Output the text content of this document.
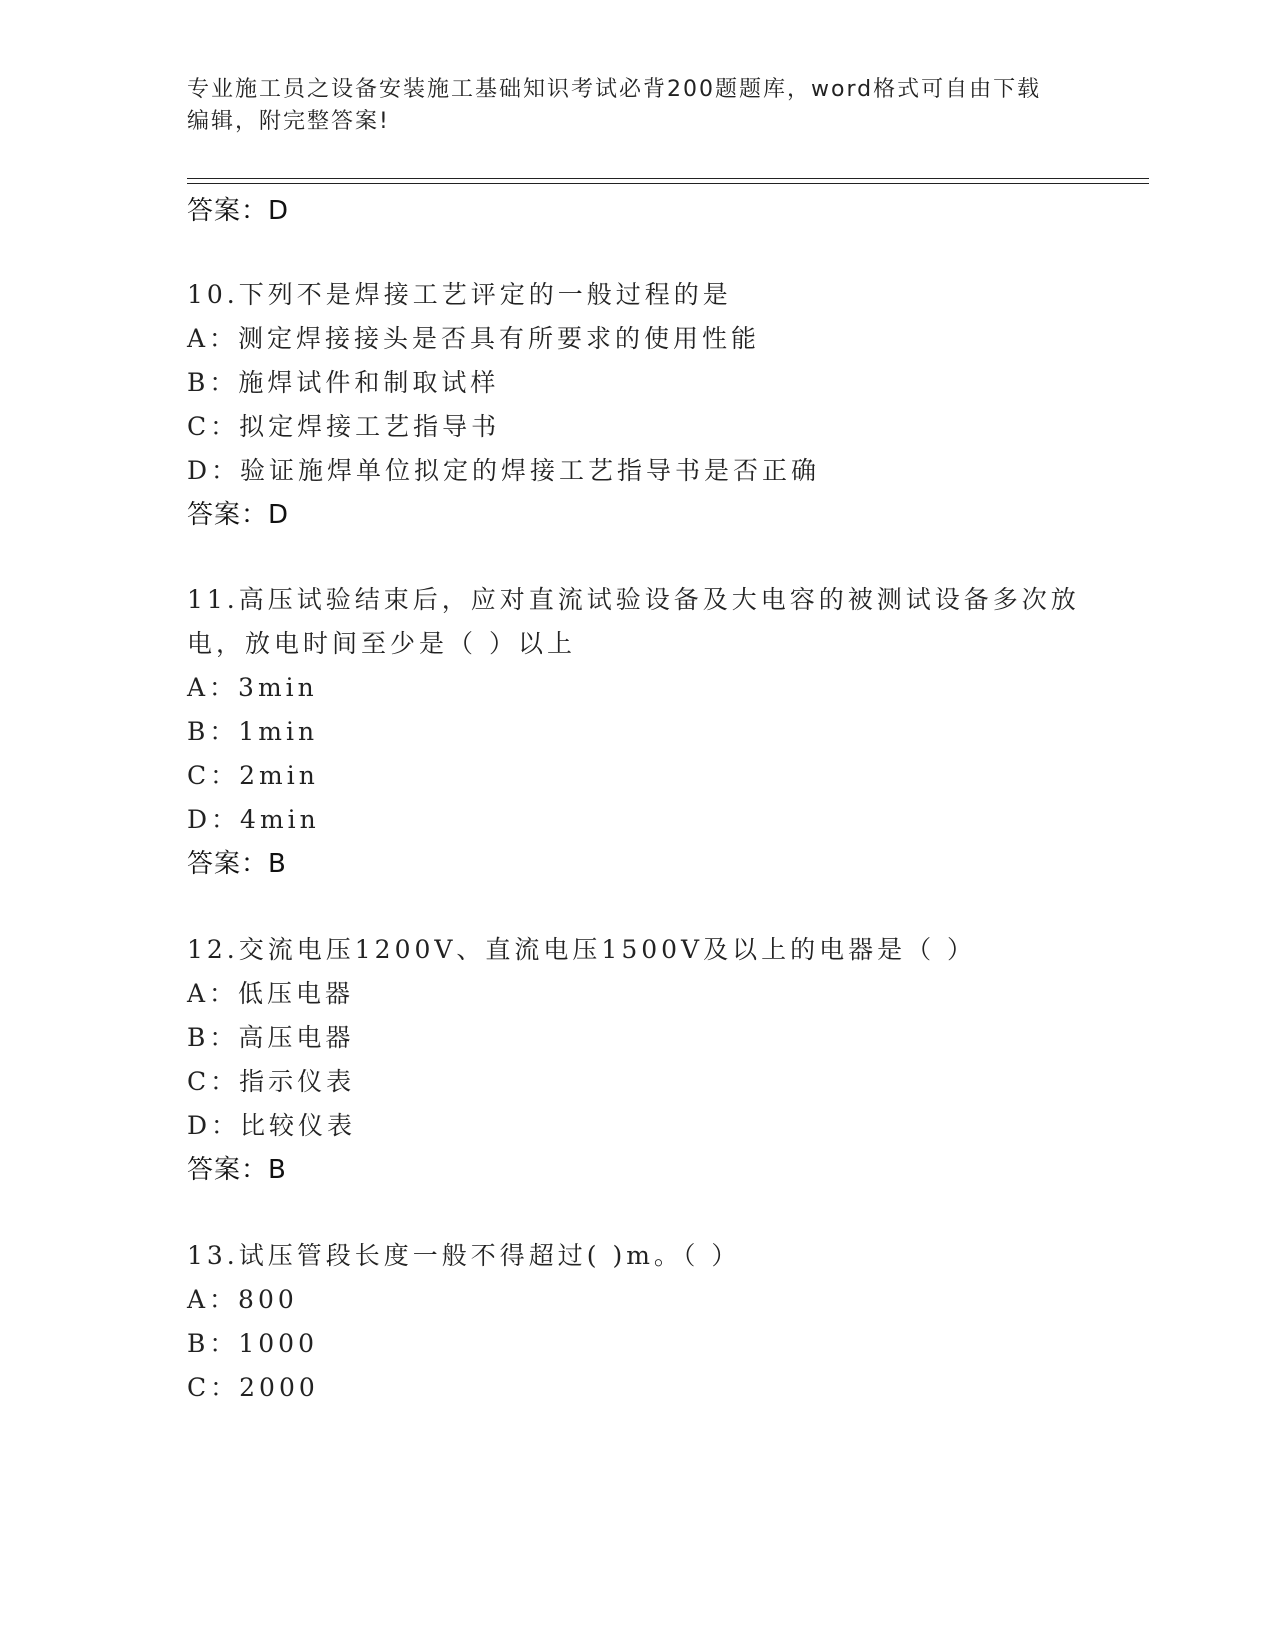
专业施工员之设备安装施工基础知识考试必背200题题库，word格式可自由下载
编辑，附完整答案!
答案：D
10.下列不是焊接工艺评定的一般过程的是
A：测定焊接接头是否具有所要求的使用性能
B：施焊试件和制取试样
C：拟定焊接工艺指导书
D：验证施焊单位拟定的焊接工艺指导书是否正确
答案：D
11.高压试验结束后，应对直流试验设备及大电容的被测试设备多次放
电，放电时间至少是（ ）以上
A：3min
B：1min
C：2min
D：4min
答案：B
12.交流电压1200V、直流电压1500V及以上的电器是（ ）
A：低压电器
B：高压电器
C：指示仪表
D：比较仪表
答案：B
13.试压管段长度一般不得超过( )m。（ ）
A：800
B：1000
C：2000
